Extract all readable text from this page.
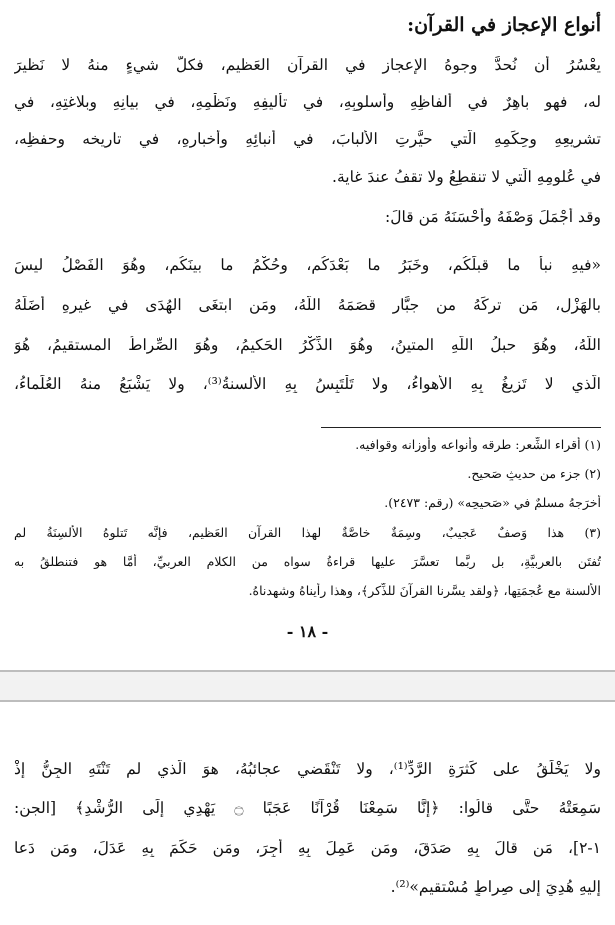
أنواع الإعجاز في القرآن:

يعْسُرُ أن نُحدَّ وجوهُ الإعجازِ في القرآنِ العَظيم، فكلُّ شيءٍ منهُ لا نَظيرَ

له، فهو باهِرٌ في ألفاظِهِ وأُسلوبِهِ، في تأليفِهِ ونَظْمِهِ، في بيانِهِ وبلاغتِهِ، في

تشريعِهِ وحِكَمِهِ الَّتي حيَّرتِ الألبابَ، في أنبائِهِ وأخبارِهِ، في تاريخه وحفظِه،

في عُلومِهِ الَّتي لا تنقطِعُ ولا تقفُ عندَ غاية.

وقد أجْمَلَ وَصْفَهُ وأحْسَنَهُ مَن قالَ:

«فيهِ نبأُ ما قبلَكُم، وخَبَرُ ما بَعْدَكُم، وحُكْمُ ما بينَكُم، وهُوَ الفَصْلُ ليسَ

بالهَزْلِ، مَن تركَهُ من جبَّارٍ قصَمَهُ اللَّهُ، ومَن ابتغَى الهُدَى في غيرِهِ أضَلَّهُ

اللَّهُ، وهُوَ حبلُ اللَّهِ المتينُ، وهُوَ الذِّكْرُ الحَكيمُ، وهُوَ الصِّراطُ المستقيمُ، هُوَ

الَّذي لا تَزيغُ بِهِ الأهواءُ، ولا تَلْتَبِسُ بِهِ الألسنةُ⁽³⁾، ولا يَشْبَعُ منهُ العُلَماءُ،

(١) أقراء الشِّعر: طرقه وأنواعه وأوزانه وقوافيه.

(٢) جزء من حديثٍ صَحيحٍ.

أخرَجهُ مسلمٌ في «صَحيحِه» (رقم: ٢٤٧٣).

(٣) هذا وَصفٌ عَجيبٌ، وسِمَةٌ خاصَّةٌ لهذا القرآنِ العَظيمِ، فإنَّه تَتلوهُ الألسِنَةُ لم

تُفتَن بالعربيَّةِ، بل ربَّما تعسَّرَ عليها قراءةُ سواه من الكلامِ العربيِّ، أمَّا هو فتنطلقُ به

الألسنة مع عُجمَتِها، ﴿ولقد يسَّرنا القرآنَ للذِّكرِ﴾، وهذا رأيناهُ وشهدناهُ.

- ١٨ -

ولا يَخْلَقُ على كَثرَةِ الرَّدِّ⁽¹⁾، ولا تَنْقَضي عجائبُهُ، هوَ الَّذي لم تَنْتَهِ الجِنُّ إذْ

سَمِعَتْهُ حتَّى قالُوا: ﴿إِنَّا سَمِعْنَا قُرْآنًا عَجَبًا ۝ يَهْدِي إِلَى الرُّشْدِ﴾ [الجن:

١-٢]، مَن قالَ بِهِ صَدَقَ، ومَن عَمِلَ بِهِ أُجِرَ، ومَن حَكَمَ بِهِ عَدَلَ، ومَن دَعا

إليهِ هُدِيَ إلى صِراطٍ مُسْتقيمٍ»⁽²⁾.
